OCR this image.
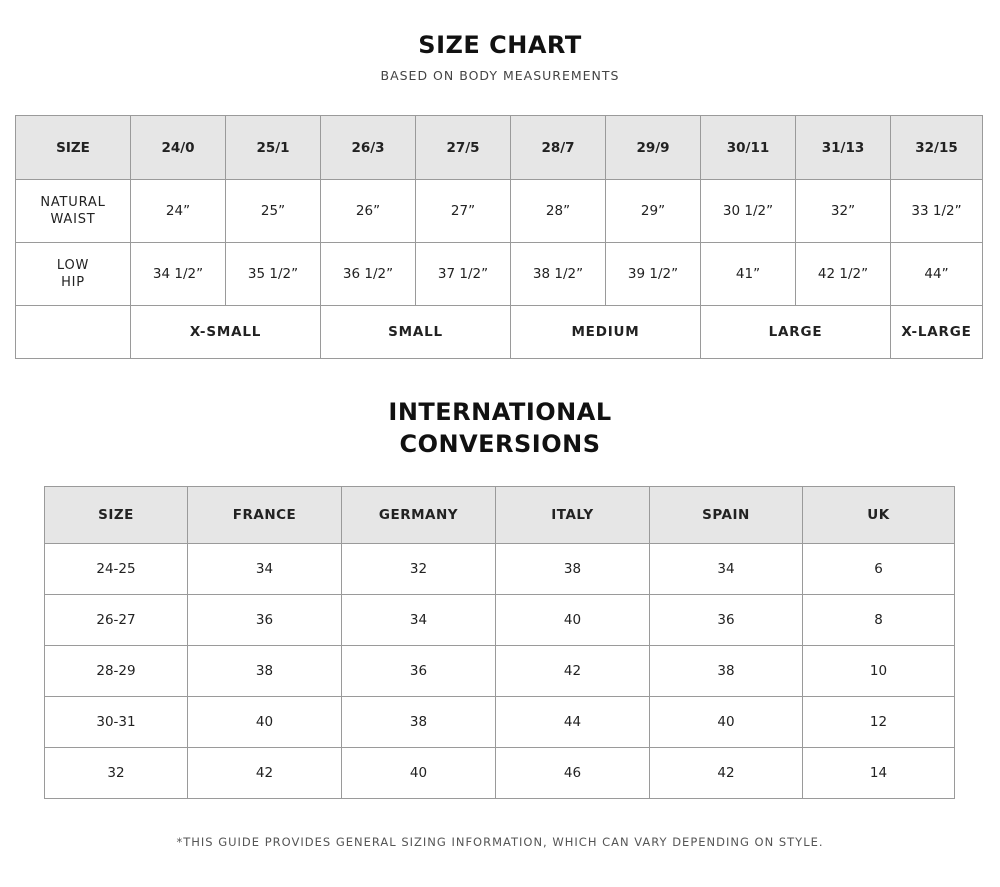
SIZE CHART
BASED ON BODY MEASUREMENTS
SIZE	24/0	25/1	26/3	27/5	28/7	29/9	30/11	31/13	32/15

NATURAL
WAIST	24”	25”	26”	27”	28”	29”	30 1/2”	32”	33 1/2”

LOW
HIP	34 1/2”	35 1/2”	36 1/2”	37 1/2”	38 1/2”	39 1/2”	41”	42 1/2”	44”
	X-SMALL		SMALL		MEDIUM		LARGE		X-LARGE
INTERNATIONAL
CONVERSIONS
SIZE	FRANCE	GERMANY	ITALY	SPAIN	UK
24-25	34	32	38	34	6
26-27	36	34	40	36	8
28-29	38	36	42	38	10
30-31	40	38	44	40	12
32	42	40	46	42	14
*THIS GUIDE PROVIDES GENERAL SIZING INFORMATION, WHICH CAN VARY DEPENDING ON STYLE.
